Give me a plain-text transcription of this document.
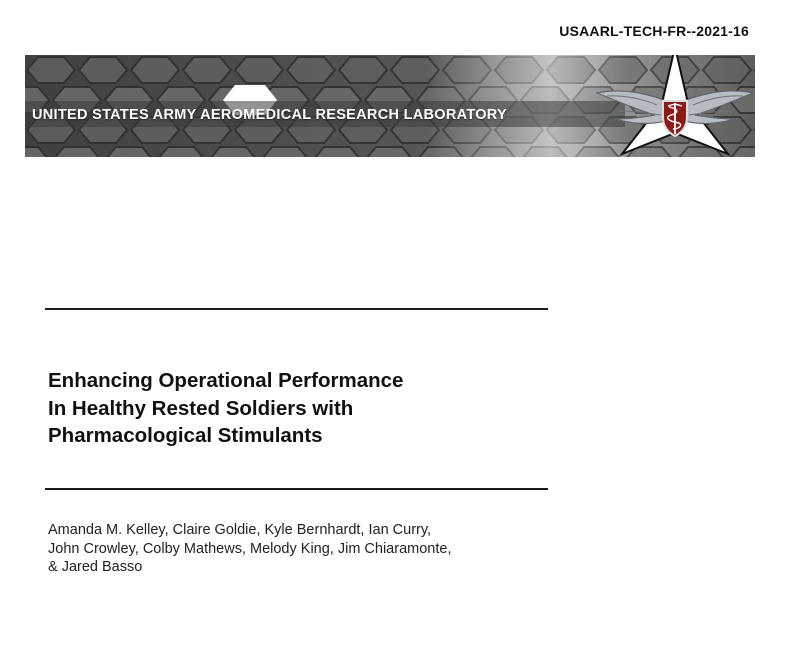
USAARL-TECH-FR--2021-16
UNITED STATES ARMY AEROMEDICAL RESEARCH LABORATORY
Enhancing Operational Performance
In Healthy Rested Soldiers with
Pharmacological Stimulants
Amanda M. Kelley, Claire Goldie, Kyle Bernhardt, Ian Curry,
John Crowley, Colby Mathews, Melody King, Jim Chiaramonte,
& Jared Basso
